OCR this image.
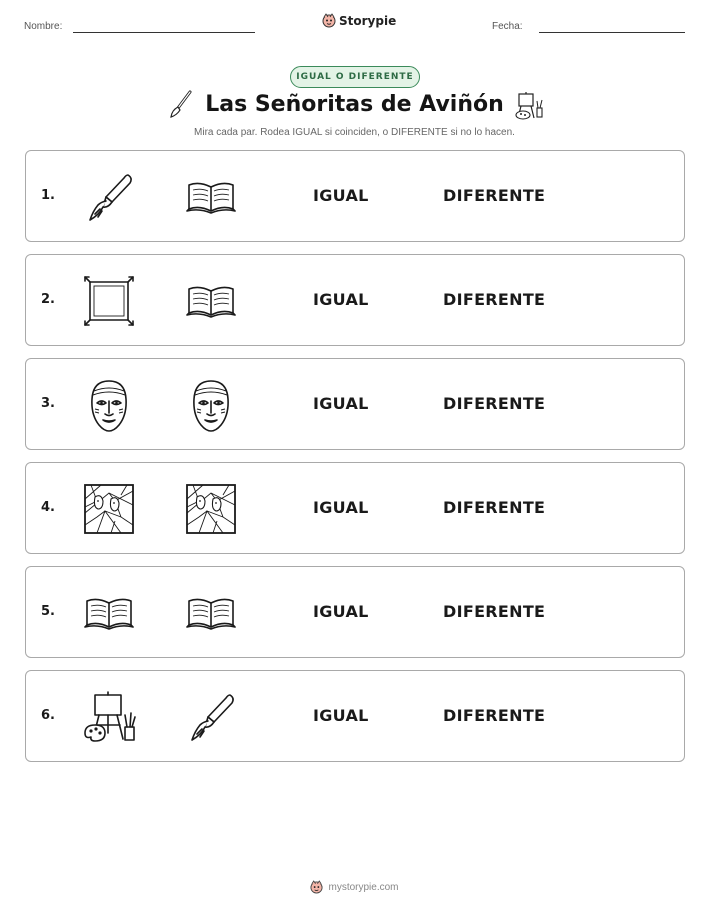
Nombre:	Storypie	Fecha:
IGUAL O DIFERENTE
Las Señoritas de Aviñón
Mira cada par. Rodea IGUAL si coinciden, o DIFERENTE si no lo hacen.
1.	IGUAL	DIFERENTE
2.	IGUAL	DIFERENTE
3.	IGUAL	DIFERENTE
4.	IGUAL	DIFERENTE
5.	IGUAL	DIFERENTE
6.	IGUAL	DIFERENTE
mystorypie.com
